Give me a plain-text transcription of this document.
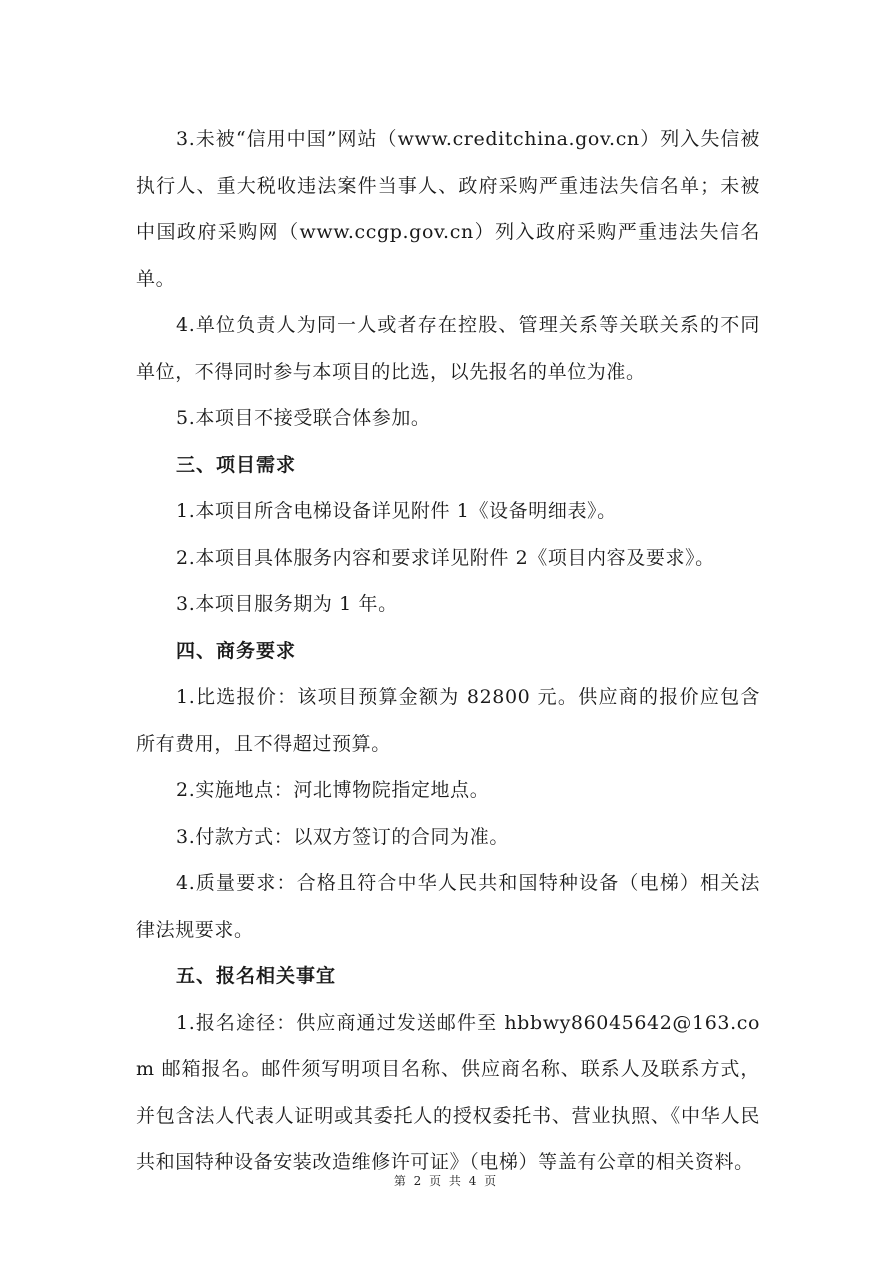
3.未被“信用中国”网站（www.creditchina.gov.cn）列入失信被执行人、重大税收违法案件当事人、政府采购严重违法失信名单；未被中国政府采购网（www.ccgp.gov.cn）列入政府采购严重违法失信名单。

4.单位负责人为同一人或者存在控股、管理关系等关联关系的不同单位，不得同时参与本项目的比选，以先报名的单位为准。

5.本项目不接受联合体参加。

三、项目需求

1.本项目所含电梯设备详见附件 1《设备明细表》。

2.本项目具体服务内容和要求详见附件 2《项目内容及要求》。

3.本项目服务期为 1 年。

四、商务要求

1.比选报价：该项目预算金额为 82800 元。供应商的报价应包含所有费用，且不得超过预算。

2.实施地点：河北博物院指定地点。

3.付款方式：以双方签订的合同为准。

4.质量要求：合格且符合中华人民共和国特种设备（电梯）相关法律法规要求。

五、报名相关事宜

1.报名途径：供应商通过发送邮件至 hbbwy86045642@163.com 邮箱报名。邮件须写明项目名称、供应商名称、联系人及联系方式，并包含法人代表人证明或其委托人的授权委托书、营业执照、《中华人民共和国特种设备安装改造维修许可证》（电梯）等盖有公章的相关资料。

第 2 页 共 4 页
